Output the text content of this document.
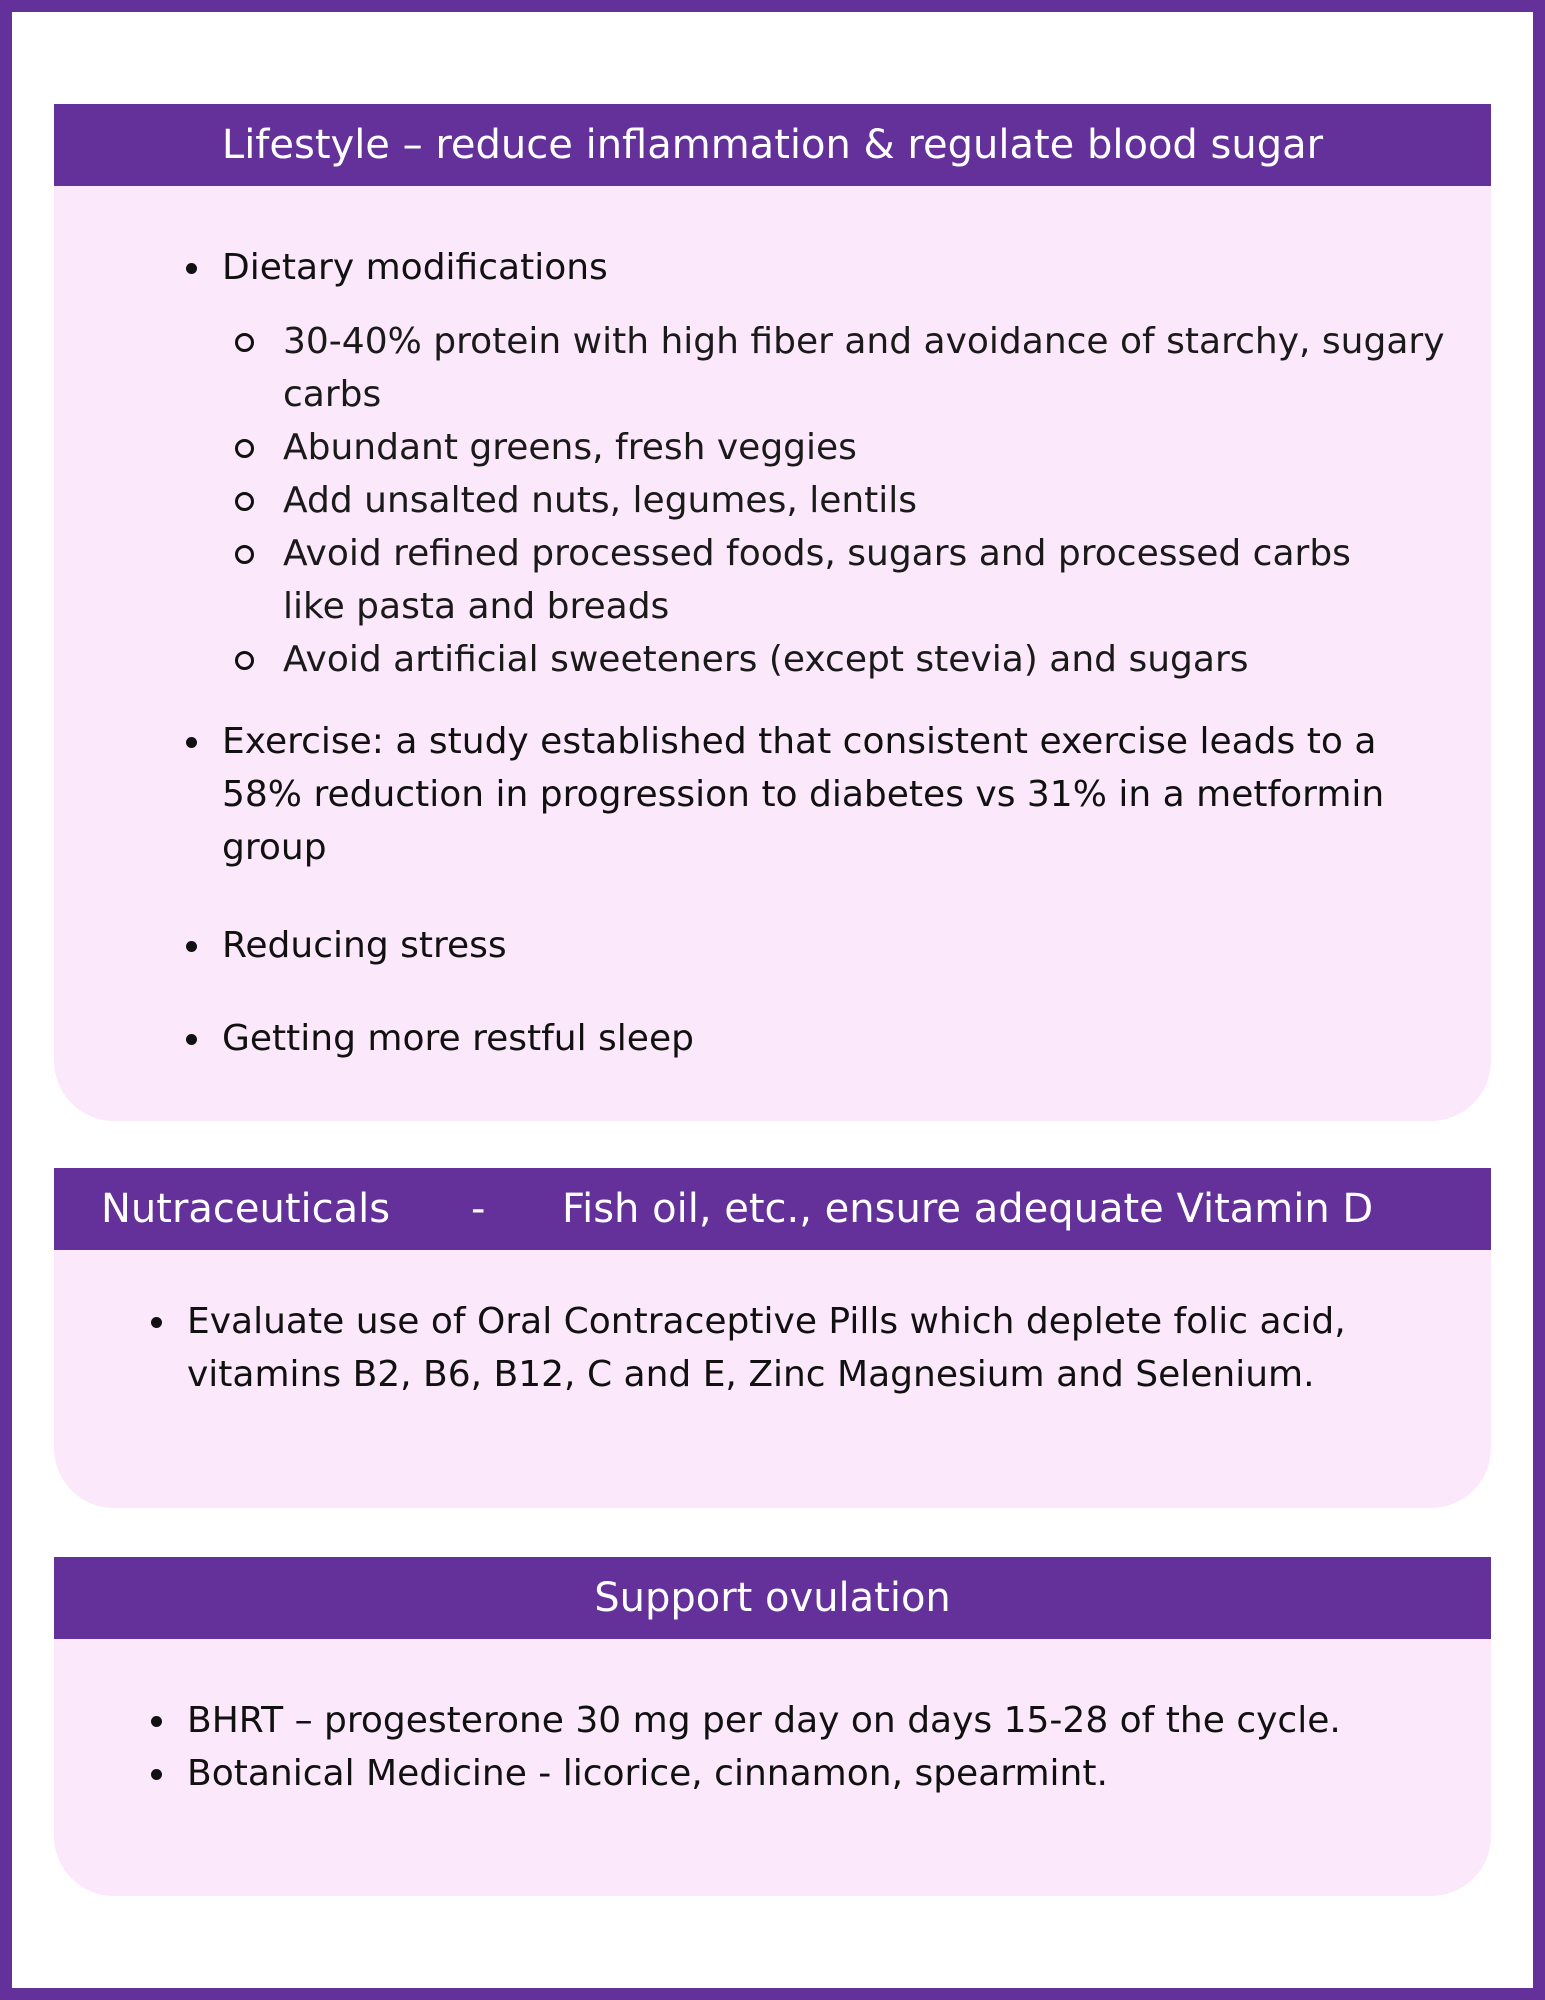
Lifestyle – reduce inflammation & regulate blood sugar
Dietary modifications
30-40% protein with high fiber and avoidance of starchy, sugary carbs
Abundant greens, fresh veggies
Add unsalted nuts, legumes, lentils
Avoid refined processed foods, sugars and processed carbs like pasta and breads
Avoid artificial sweeteners (except stevia) and sugars
Exercise: a study established that consistent exercise leads to a 58% reduction in progression to diabetes vs 31% in a metformin group
Reducing stress
Getting more restful sleep
Nutraceuticals - Fish oil, etc., ensure adequate Vitamin D
Evaluate use of Oral Contraceptive Pills which deplete folic acid, vitamins B2, B6, B12, C and E, Zinc Magnesium and Selenium.
Support ovulation
BHRT – progesterone 30 mg per day on days 15-28 of the cycle.
Botanical Medicine - licorice, cinnamon, spearmint.
